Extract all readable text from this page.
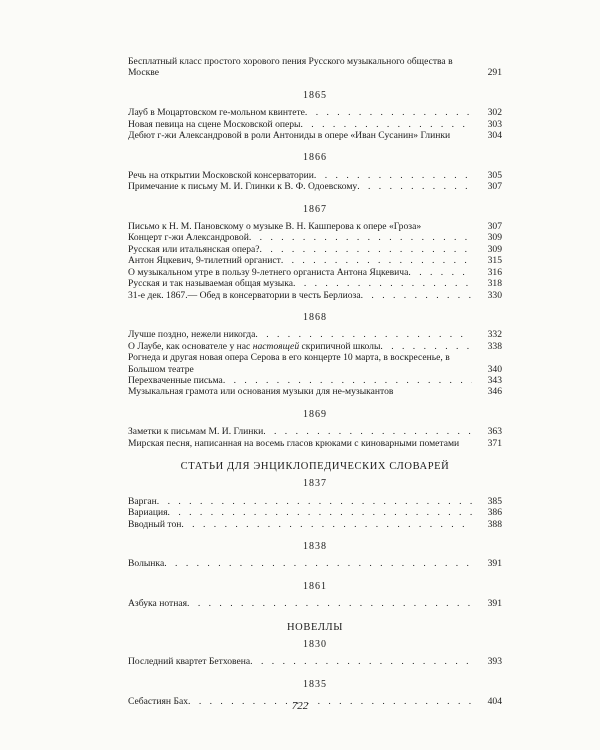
Бесплатный класс простого хорового пения Русского музыкального общества в Москве	291
1865
Лауб в Моцартовском ге-мольном квинтете . . .	302
Новая певица на сцене Московской оперы . . .	303
Дебют г-жи Александровой в роли Антониды в опере «Иван Сусанин» Глинки	304
1866
Речь на открытии Московской консерватории . . .	305
Примечание к письму М. И. Глинки к В. Ф. Одоевскому . . .	307
1867
Письмо к Н. М. Пановскому о музыке В. Н. Кашперова к опере «Гроза»	307
Концерт г-жи Александровой . . .	309
Русская или итальянская опера? . . .	309
Антон Яцкевич, 9-тилетний органист . . .	315
О музыкальном утре в пользу 9-летнего органиста Антона Яцкевича . . .	316
Русская и так называемая общая музыка . . .	318
31-е дек. 1867.— Обед в консерватории в честь Берлиоза . . .	330
1868
Лучше поздно, нежели никогда . . .	332
О Лаубе, как основателе у нас настоящей скрипичной школы . . .	338
Рогнеда и другая новая опера Серова в его концерте 10 марта, в воскресенье, в Большом театре	340
Перехваченные письма . . .	343
Музыкальная грамота или основания музыки для не-музыкантов	346
1869
Заметки к письмам М. И. Глинки . . .	363
Мирская песня, написанная на восемь гласов крюками с киноварными пометами	371
СТАТЬИ ДЛЯ ЭНЦИКЛОПЕДИЧЕСКИХ СЛОВАРЕЙ
1837
Варган . . .	385
Вариация . . .	386
Вводный тон . . .	388
1838
Волынка . . .	391
1861
Азбука нотная . . .	391
НОВЕЛЛЫ
1830
Последний квартет Бетховена . . .	393
1835
Себастиян Бах . . .	404
722
